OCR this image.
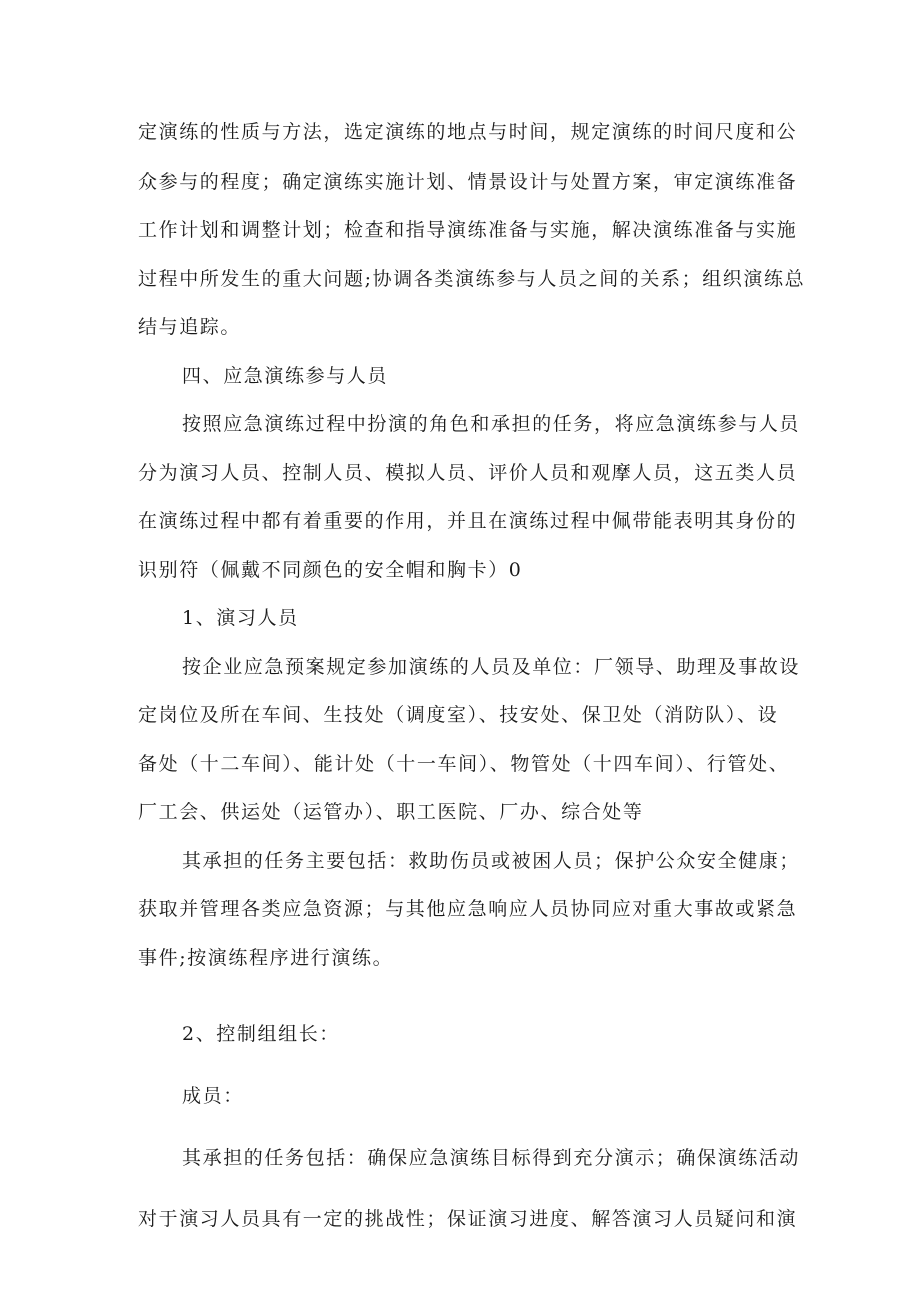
定演练的性质与方法，选定演练的地点与时间，规定演练的时间尺度和公
众参与的程度；确定演练实施计划、情景设计与处置方案，审定演练准备
工作计划和调整计划；检查和指导演练准备与实施，解决演练准备与实施
过程中所发生的重大问题;协调各类演练参与人员之间的关系；组织演练总
结与追踪。
四、应急演练参与人员
按照应急演练过程中扮演的角色和承担的任务，将应急演练参与人员
分为演习人员、控制人员、模拟人员、评价人员和观摩人员，这五类人员
在演练过程中都有着重要的作用，并且在演练过程中佩带能表明其身份的
识别符（佩戴不同颜色的安全帽和胸卡）0
1、演习人员
按企业应急预案规定参加演练的人员及单位：厂领导、助理及事故设
定岗位及所在车间、生技处（调度室）、技安处、保卫处（消防队）、设
备处（十二车间）、能计处（十一车间）、物管处（十四车间）、行管处、
厂工会、供运处（运管办）、职工医院、厂办、综合处等
其承担的任务主要包括：救助伤员或被困人员；保护公众安全健康；
获取并管理各类应急资源；与其他应急响应人员协同应对重大事故或紧急
事件;按演练程序进行演练。
2、控制组组长：
成员：
其承担的任务包括：确保应急演练目标得到充分演示；确保演练活动
对于演习人员具有一定的挑战性；保证演习进度、解答演习人员疑问和演
